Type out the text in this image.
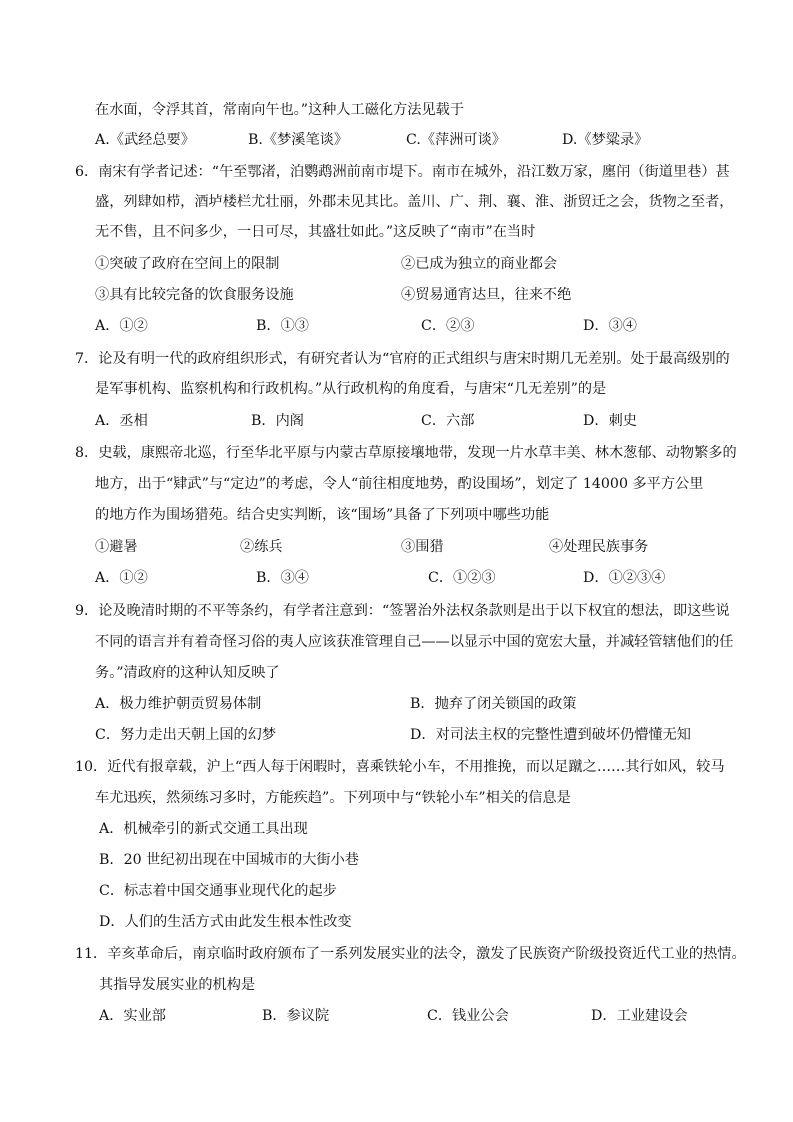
在水面，令浮其首，常南向午也。”这种人工磁化方法见载于
A.《武经总要》	B.《梦溪笔谈》	C.《萍洲可谈》	D.《梦粱录》
6．南宋有学者记述：“午至鄂渚，泊鹦鹉洲前南市堤下。南市在城外，沿江数万家，廛闬（街道里巷）甚
盛，列肆如栉，酒垆楼栏尤壮丽，外郡未见其比。盖川、广、荆、襄、淮、浙贸迁之会，货物之至者，
无不售，且不问多少，一日可尽，其盛壮如此。”这反映了“南市”在当时
①突破了政府在空间上的限制	②已成为独立的商业都会
③具有比较完备的饮食服务设施	④贸易通宵达旦，往来不绝
A．①②	B．①③	C．②③	D．③④
7．论及有明一代的政府组织形式，有研究者认为“官府的正式组织与唐宋时期几无差别。处于最高级别的
是军事机构、监察机构和行政机构。”从行政机构的角度看，与唐宋“几无差别”的是
A．丞相	B．内阁	C．六部	D．刺史
8．史载，康熙帝北巡，行至华北平原与内蒙古草原接壤地带，发现一片水草丰美、林木葱郁、动物繁多的
地方，出于“肄武”与“定边”的考虑，令人“前往相度地势，酌设围场”，划定了 14000 多平方公里
的地方作为围场猎苑。结合史实判断，该“围场”具备了下列项中哪些功能
①避暑	②练兵	③围猎	④处理民族事务
A．①②	B．③④	C．①②③	D．①②③④
9．论及晚清时期的不平等条约，有学者注意到：“签署治外法权条款则是出于以下权宜的想法，即这些说
不同的语言并有着奇怪习俗的夷人应该获准管理自己——以显示中国的宽宏大量，并减轻管辖他们的任
务。”清政府的这种认知反映了
A．极力维护朝贡贸易体制	B．抛弃了闭关锁国的政策
C．努力走出天朝上国的幻梦	D．对司法主权的完整性遭到破坏仍懵懂无知
10．近代有报章载，沪上“西人每于闲暇时，喜乘铁轮小车，不用推挽，而以足蹴之……其行如风，较马
车尤迅疾，然须练习多时，方能疾趋”。下列项中与“铁轮小车”相关的信息是
A．机械牵引的新式交通工具出现
B．20 世纪初出现在中国城市的大街小巷
C．标志着中国交通事业现代化的起步
D．人们的生活方式由此发生根本性改变
11．辛亥革命后，南京临时政府颁布了一系列发展实业的法令，激发了民族资产阶级投资近代工业的热情。
其指导发展实业的机构是
A．实业部	B．参议院	C．钱业公会	D．工业建设会
